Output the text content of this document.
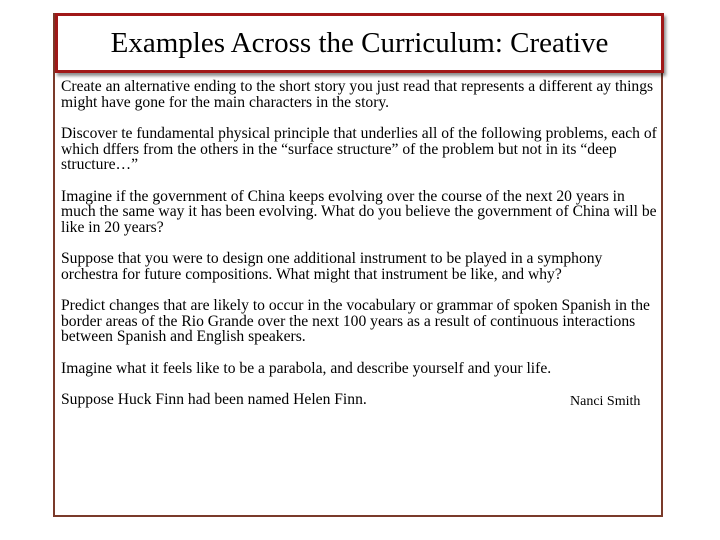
Examples Across the Curriculum: Creative

Create an alternative ending to the short story you just read that represents a different ay things might have gone for the main characters in the story.

Discover te fundamental physical principle that underlies all of the following problems, each of which dffers from the others in the “surface structure” of the problem but not in its “deep structure…”

Imagine if the government of China keeps evolving over the course of the next 20 years in much the same way it has been evolving. What do you believe the government of China will be like in 20 years?

Suppose that you were to design one additional instrument to be played in a symphony orchestra for future compositions. What might that instrument be like, and why?

Predict changes that are likely to occur in the vocabulary or grammar of spoken Spanish in the border areas of the Rio Grande over the next 100 years as a result of continuous interactions between Spanish and English speakers.

Imagine what it feels like to be a parabola, and describe yourself and your life.

Suppose Huck Finn had been named Helen Finn.	Nanci Smith
